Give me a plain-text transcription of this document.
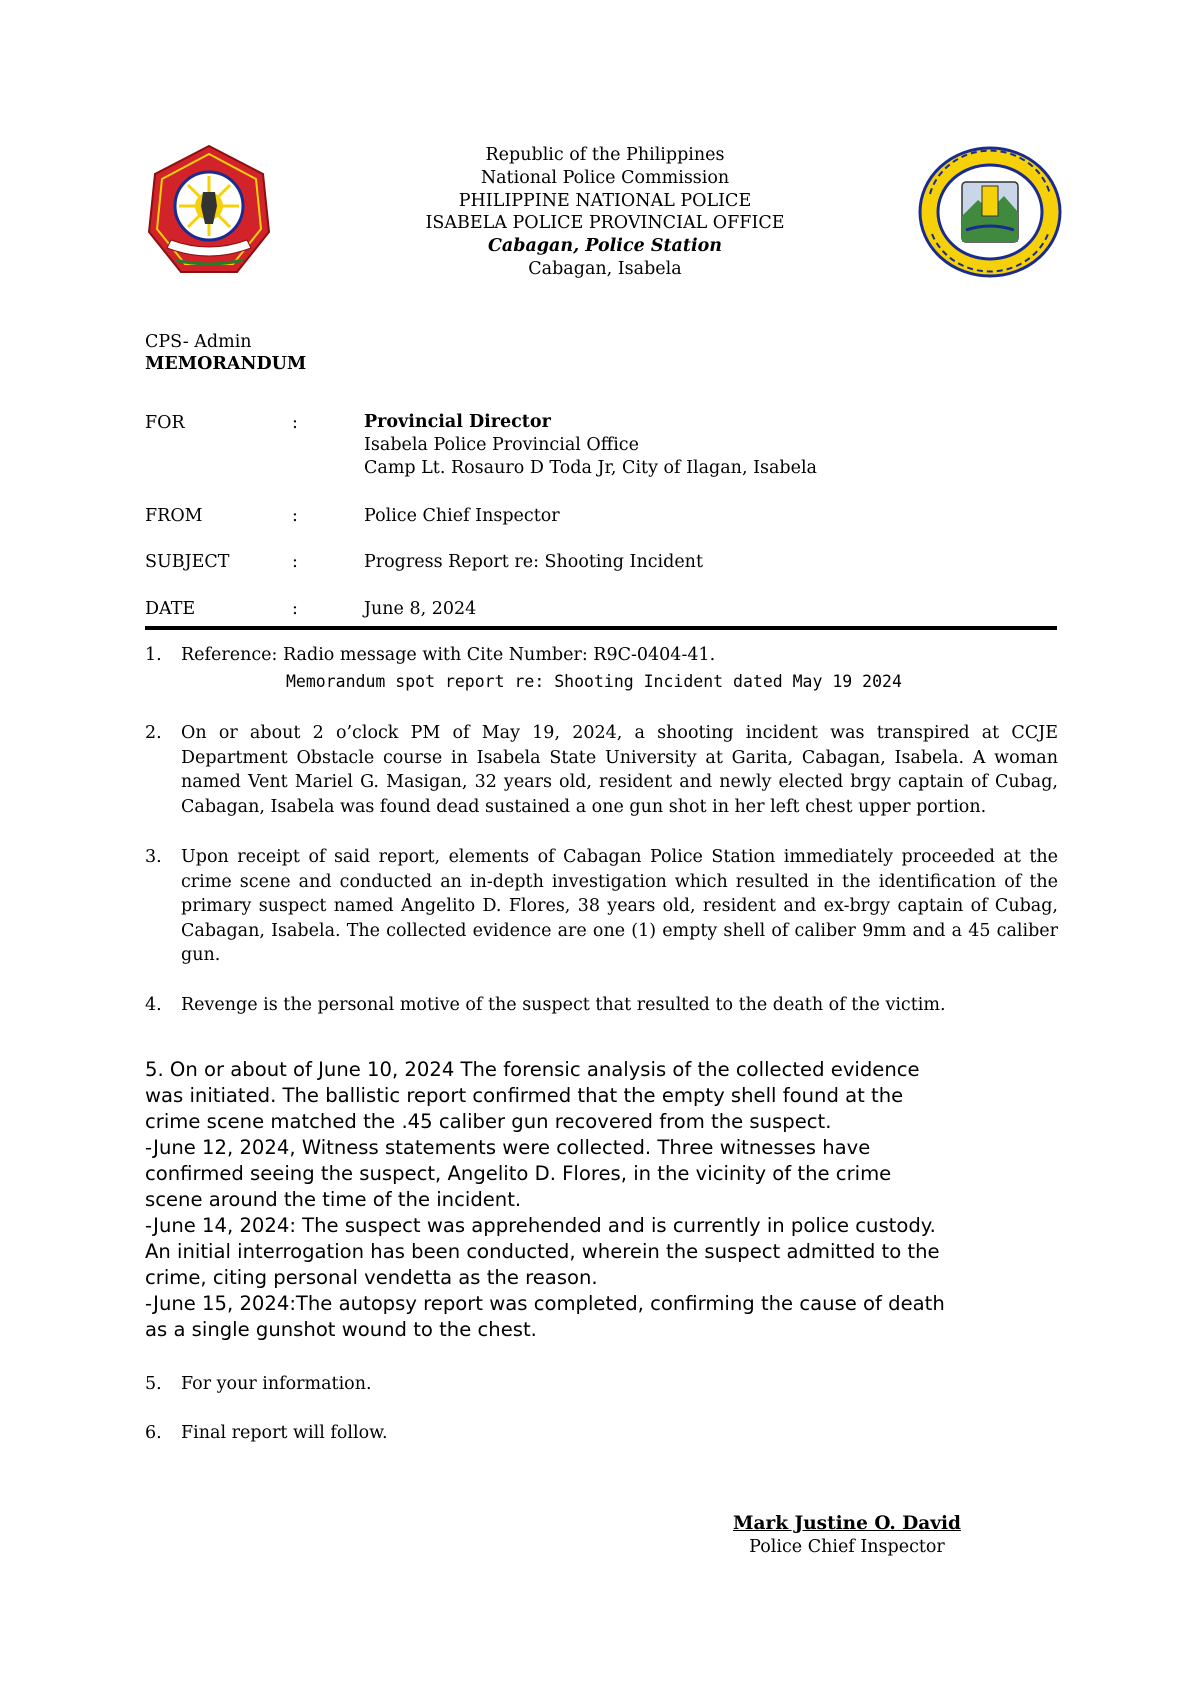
Republic of the Philippines
National Police Commission
PHILIPPINE NATIONAL POLICE
ISABELA POLICE PROVINCIAL OFFICE
Cabagan, Police Station
Cabagan, Isabela
CPS- Admin
MEMORANDUM
FOR	:	Provincial Director
Isabela Police Provincial Office
Camp Lt. Rosauro D Toda Jr, City of Ilagan, Isabela
FROM	:	Police Chief Inspector
SUBJECT	:	Progress Report re: Shooting Incident
DATE	:	June 8, 2024
1. Reference: Radio message with Cite Number: R9C-0404-41.
Memorandum spot report re: Shooting Incident dated May 19 2024
2. On or about 2 o’clock PM of May 19, 2024, a shooting incident was transpired at CCJE
Department Obstacle course in Isabela State University at Garita, Cabagan, Isabela. A woman
named Vent Mariel G. Masigan, 32 years old, resident and newly elected brgy captain of Cubag,
Cabagan, Isabela was found dead sustained a one gun shot in her left chest upper portion.
3. Upon receipt of said report, elements of Cabagan Police Station immediately proceeded at the
crime scene and conducted an in-depth investigation which resulted in the identification of the
primary suspect named Angelito D. Flores, 38 years old, resident and ex-brgy captain of Cubag,
Cabagan, Isabela. The collected evidence are one (1) empty shell of caliber 9mm and a 45 caliber
gun.
4. Revenge is the personal motive of the suspect that resulted to the death of the victim.
5. On or about of June 10, 2024 The forensic analysis of the collected evidence
was initiated. The ballistic report confirmed that the empty shell found at the
crime scene matched the .45 caliber gun recovered from the suspect.
-June 12, 2024, Witness statements were collected. Three witnesses have
confirmed seeing the suspect, Angelito D. Flores, in the vicinity of the crime
scene around the time of the incident.
-June 14, 2024: The suspect was apprehended and is currently in police custody.
An initial interrogation has been conducted, wherein the suspect admitted to the
crime, citing personal vendetta as the reason.
-June 15, 2024:The autopsy report was completed, confirming the cause of death
as a single gunshot wound to the chest.
5. For your information.
6. Final report will follow.
Mark Justine O. David
Police Chief Inspector
